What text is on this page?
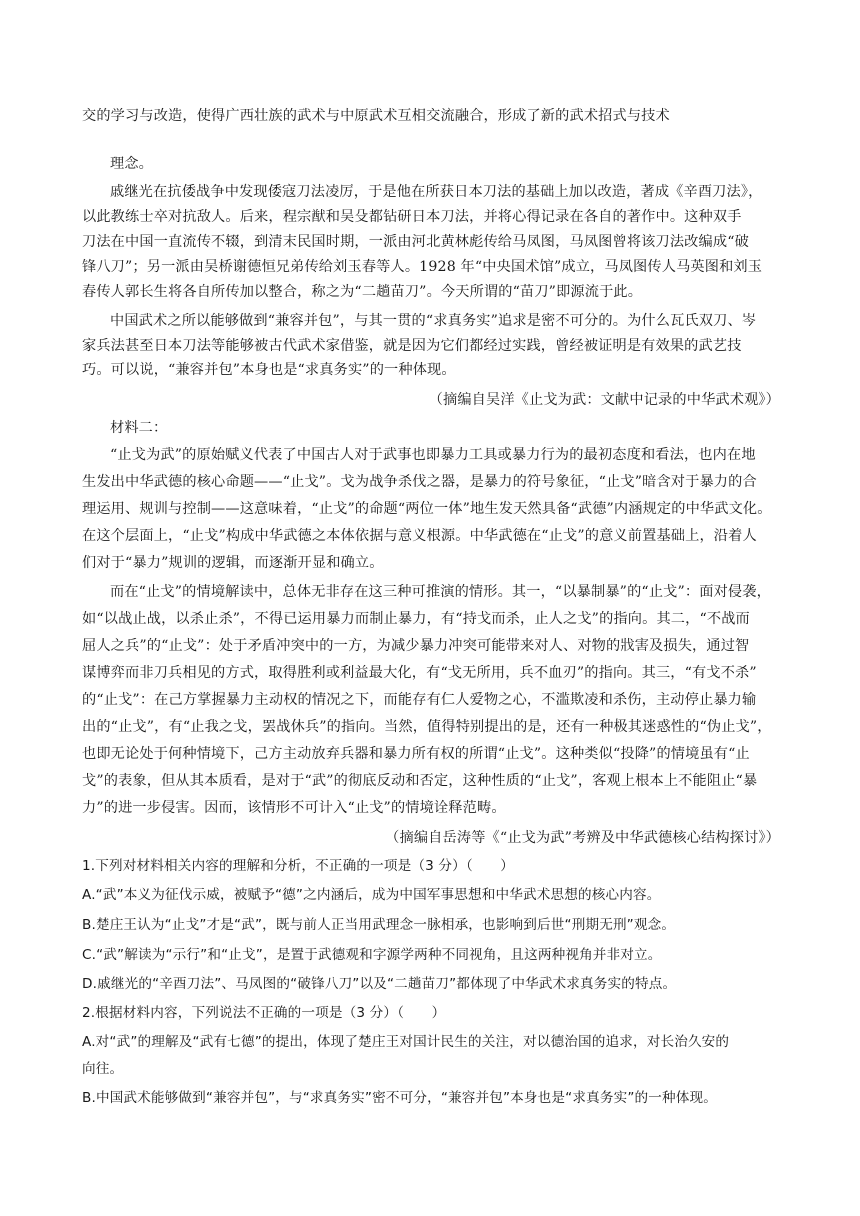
交的学习与改造，使得广西壮族的武术与中原武术互相交流融合，形成了新的武术招式与技术
理念。
戚继光在抗倭战争中发现倭寇刀法凌厉，于是他在所获日本刀法的基础上加以改造，著成《辛酉刀法》，
以此教练士卒对抗敌人。后来，程宗猷和吴殳都钻研日本刀法，并将心得记录在各自的著作中。这种双手
刀法在中国一直流传不辍，到清末民国时期，一派由河北黄林彪传给马凤图，马凤图曾将该刀法改编成“破
锋八刀”；另一派由吴桥谢德恒兄弟传给刘玉春等人。1928 年“中央国术馆”成立，马凤图传人马英图和刘玉
春传人郭长生将各自所传加以整合，称之为“二趟苗刀”。今天所谓的“苗刀”即源流于此。
中国武术之所以能够做到“兼容并包”，与其一贯的“求真务实”追求是密不可分的。为什么瓦氏双刀、岑
家兵法甚至日本刀法等能够被古代武术家借鉴，就是因为它们都经过实践，曾经被证明是有效果的武艺技
巧。可以说，“兼容并包”本身也是“求真务实”的一种体现。
（摘编自吴洋《止戈为武：文献中记录的中华武术观》）
材料二：
“止戈为武”的原始赋义代表了中国古人对于武事也即暴力工具或暴力行为的最初态度和看法，也内在地
生发出中华武德的核心命题——“止戈”。戈为战争杀伐之器，是暴力的符号象征，“止戈”暗含对于暴力的合
理运用、规训与控制——这意味着，“止戈”的命题“两位一体”地生发天然具备“武德”内涵规定的中华武文化。
在这个层面上，“止戈”构成中华武德之本体依据与意义根源。中华武德在“止戈”的意义前置基础上，沿着人
们对于“暴力”规训的逻辑，而逐渐开显和确立。
而在“止戈”的情境解读中，总体无非存在这三种可推演的情形。其一，“以暴制暴”的“止戈”：面对侵袭，
如“以战止战，以杀止杀”，不得已运用暴力而制止暴力，有“持戈而杀，止人之戈”的指向。其二，“不战而
屈人之兵”的“止戈”：处于矛盾冲突中的一方，为减少暴力冲突可能带来对人、对物的戕害及损失，通过智
谋博弈而非刀兵相见的方式，取得胜利或利益最大化，有“戈无所用，兵不血刃”的指向。其三，“有戈不杀”
的“止戈”：在己方掌握暴力主动权的情况之下，而能存有仁人爱物之心，不滥欺凌和杀伤，主动停止暴力输
出的“止戈”，有“止我之戈，罢战休兵”的指向。当然，值得特别提出的是，还有一种极其迷惑性的“伪止戈”，
也即无论处于何种情境下，己方主动放弃兵器和暴力所有权的所谓“止戈”。这种类似“投降”的情境虽有“止
戈”的表象，但从其本质看，是对于“武”的彻底反动和否定，这种性质的“止戈”，客观上根本上不能阻止“暴
力”的进一步侵害。因而，该情形不可计入“止戈”的情境诠释范畴。
（摘编自岳涛等《“止戈为武”考辨及中华武德核心结构探讨》）
1.下列对材料相关内容的理解和分析，不正确的一项是（3 分）（　　）
A.“武”本义为征伐示威，被赋予“德”之内涵后，成为中国军事思想和中华武术思想的核心内容。
B.楚庄王认为“止戈”才是“武”，既与前人正当用武理念一脉相承，也影响到后世“刑期无刑”观念。
C.“武”解读为“示行”和“止戈”，是置于武德观和字源学两种不同视角，且这两种视角并非对立。
D.戚继光的“辛酉刀法”、马凤图的“破锋八刀”以及“二趟苗刀”都体现了中华武术求真务实的特点。
2.根据材料内容，下列说法不正确的一项是（3 分）（　　）
A.对“武”的理解及“武有七德”的提出，体现了楚庄王对国计民生的关注，对以德治国的追求，对长治久安的
向往。
B.中国武术能够做到“兼容并包”，与“求真务实”密不可分，“兼容并包”本身也是“求真务实”的一种体现。
